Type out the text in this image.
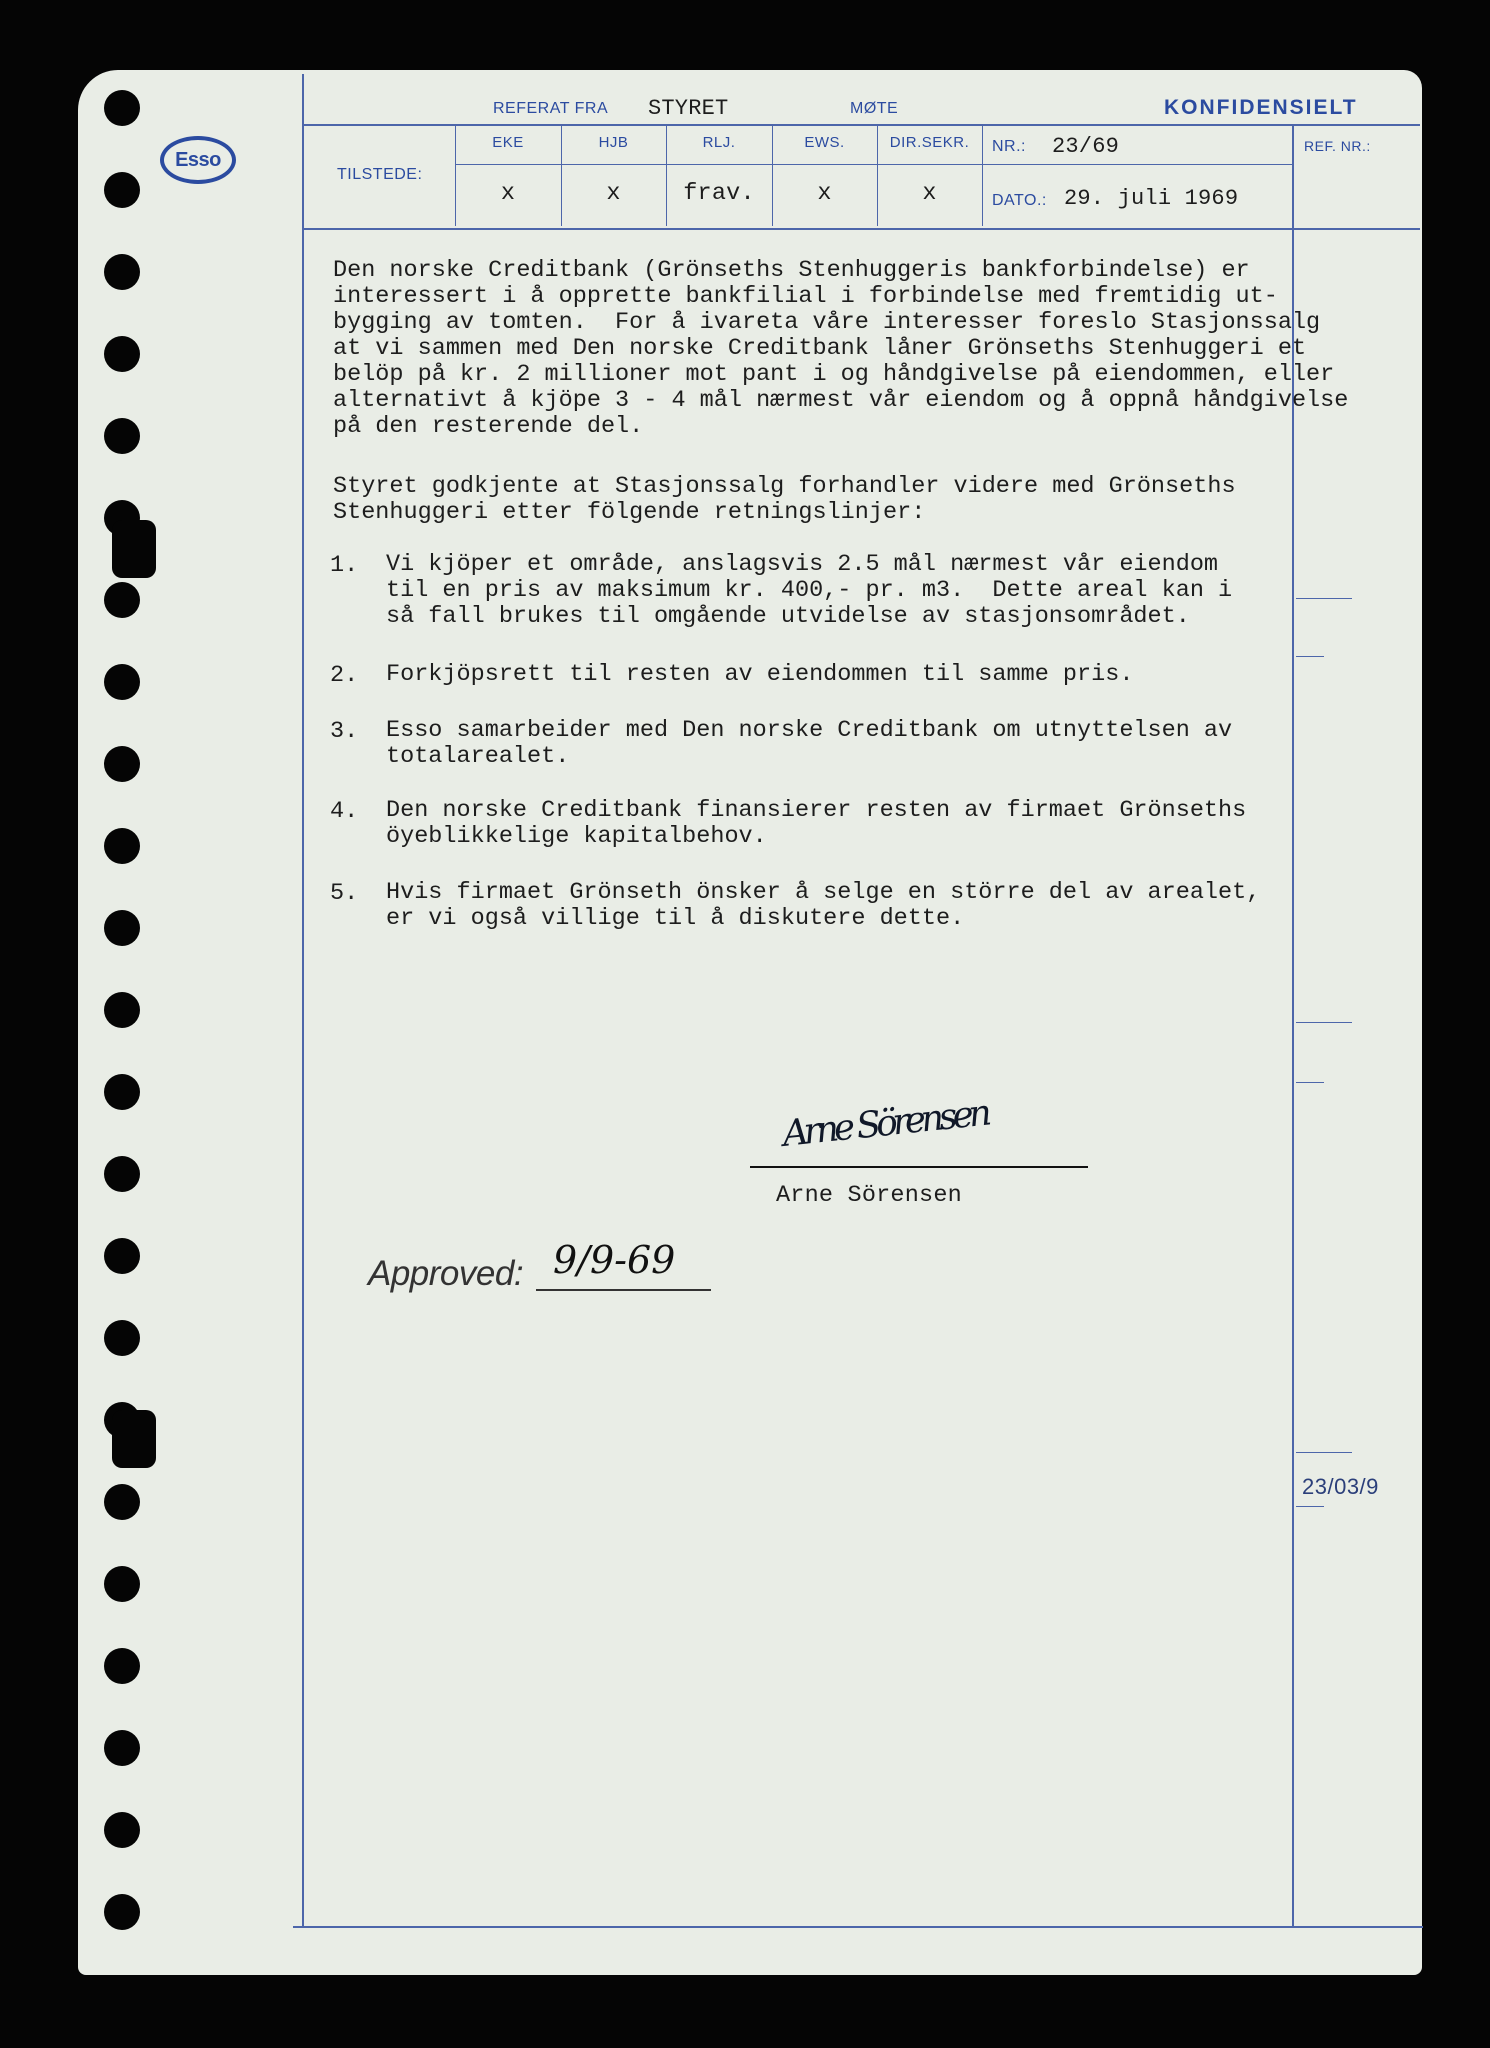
Esso
REFERAT FRA STYRET	MØTE	KONFIDENSIELT
TILSTEDE:
EKE
x
HJB
x
RLJ.
frav.
EWS.
x
DIR.SEKR.
x
NR.: 23/69
DATO.: 29. juli 1969
REF. NR.:
Den norske Creditbank (Grönseths Stenhuggeris bankforbindelse) er
interessert i å opprette bankfilial i forbindelse med fremtidig ut-
bygging av tomten.  For å ivareta våre interesser foreslo Stasjonssalg
at vi sammen med Den norske Creditbank låner Grönseths Stenhuggeri et
belöp på kr. 2 millioner mot pant i og håndgivelse på eiendommen, eller
alternativt å kjöpe 3 - 4 mål nærmest vår eiendom og å oppnå håndgivelse
på den resterende del.
Styret godkjente at Stasjonssalg forhandler videre med Grönseths
Stenhuggeri etter fölgende retningslinjer:
1. Vi kjöper et område, anslagsvis 2.5 mål nærmest vår eiendom
til en pris av maksimum kr. 400,- pr. m3.  Dette areal kan i
så fall brukes til omgående utvidelse av stasjonsområdet.
2. Forkjöpsrett til resten av eiendommen til samme pris.
3. Esso samarbeider med Den norske Creditbank om utnyttelsen av
totalarealet.
4. Den norske Creditbank finansierer resten av firmaet Grönseths
öyeblikkelige kapitalbehov.
5. Hvis firmaet Grönseth önsker å selge en större del av arealet,
er vi også villige til å diskutere dette.
Arne Sörensen
Arne Sörensen
Approved: 9/9-69
23/03/9
